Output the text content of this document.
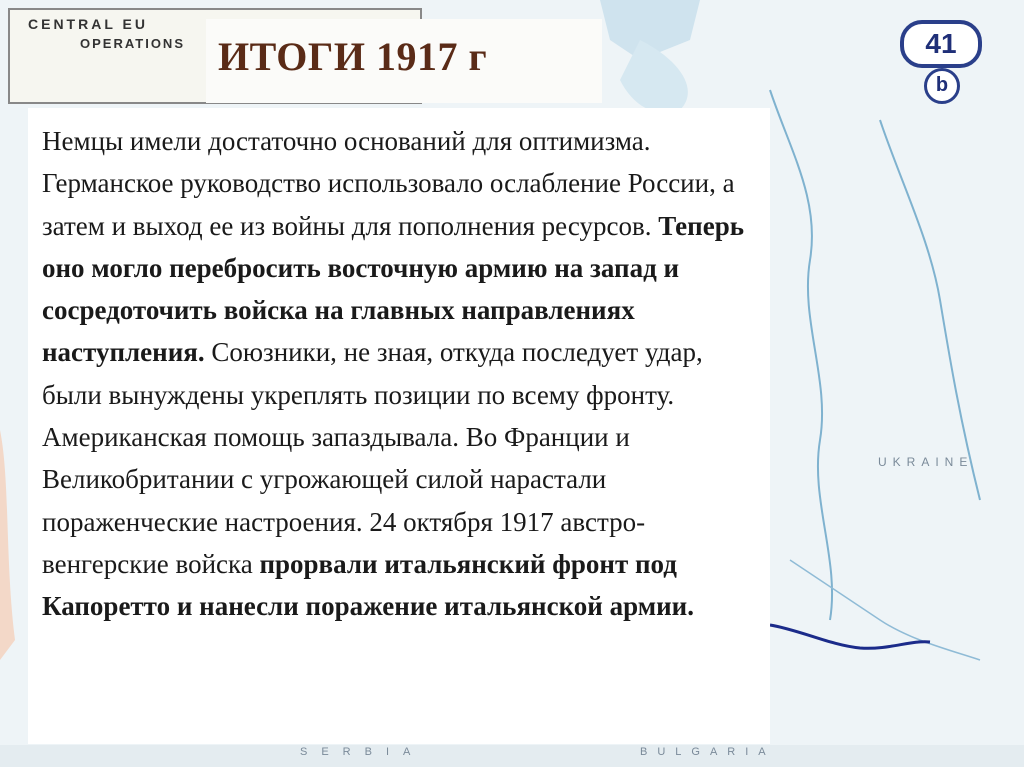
CENTRAL EU
OPERATIONS ИТОГИ 1917 г	41
b
UKRAINE
SERBIA	BULGARIA
Немцы имели достаточно оснований для оптимизма. Германское руководство использовало ослабление России, а затем и выход ее из войны для пополнения ресурсов. Теперь оно могло перебросить восточную армию на запад и сосредоточить войска на главных направлениях наступления. Союзники, не зная, откуда последует удар, были вынуждены укреплять позиции по всему фронту. Американская помощь запаздывала. Во Франции и Великобритании с угрожающей силой нарастали пораженческие настроения. 24 октября 1917 австро-венгерские войска прорвали итальянский фронт под Капоретто и нанесли поражение итальянской армии.
